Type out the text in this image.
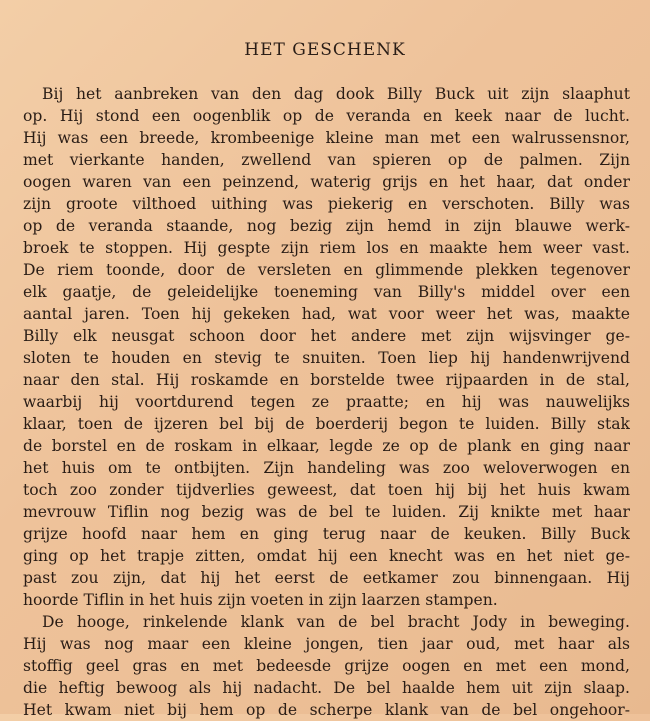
HET GESCHENK
Bij het aanbreken van den dag dook Billy Buck uit zijn slaaphut
op. Hij stond een oogenblik op de veranda en keek naar de lucht.
Hij was een breede, krombeenige kleine man met een walrussensnor,
met vierkante handen, zwellend van spieren op de palmen. Zijn
oogen waren van een peinzend, waterig grijs en het haar, dat onder
zijn groote vilthoed uithing was piekerig en verschoten. Billy was
op de veranda staande, nog bezig zijn hemd in zijn blauwe werk-
broek te stoppen. Hij gespte zijn riem los en maakte hem weer vast.
De riem toonde, door de versleten en glimmende plekken tegenover
elk gaatje, de geleidelijke toeneming van Billy's middel over een
aantal jaren. Toen hij gekeken had, wat voor weer het was, maakte
Billy elk neusgat schoon door het andere met zijn wijsvinger ge-
sloten te houden en stevig te snuiten. Toen liep hij handenwrijvend
naar den stal. Hij roskamde en borstelde twee rijpaarden in de stal,
waarbij hij voortdurend tegen ze praatte; en hij was nauwelijks
klaar, toen de ijzeren bel bij de boerderij begon te luiden. Billy stak
de borstel en de roskam in elkaar, legde ze op de plank en ging naar
het huis om te ontbijten. Zijn handeling was zoo weloverwogen en
toch zoo zonder tijdverlies geweest, dat toen hij bij het huis kwam
mevrouw Tiflin nog bezig was de bel te luiden. Zij knikte met haar
grijze hoofd naar hem en ging terug naar de keuken. Billy Buck
ging op het trapje zitten, omdat hij een knecht was en het niet ge-
past zou zijn, dat hij het eerst de eetkamer zou binnengaan. Hij
hoorde Tiflin in het huis zijn voeten in zijn laarzen stampen.
De hooge, rinkelende klank van de bel bracht Jody in beweging.
Hij was nog maar een kleine jongen, tien jaar oud, met haar als
stoffig geel gras en met bedeesde grijze oogen en met een mond,
die heftig bewoog als hij nadacht. De bel haalde hem uit zijn slaap.
Het kwam niet bij hem op de scherpe klank van de bel ongehoor-
